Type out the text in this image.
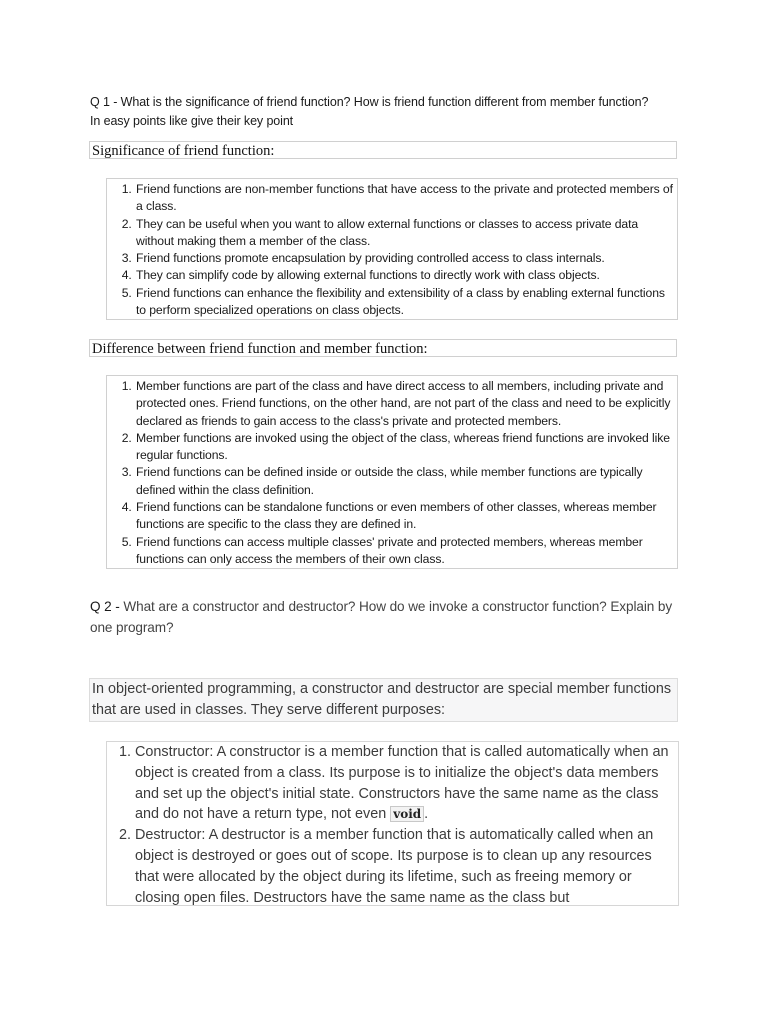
Q 1 - What is the significance of friend function? How is friend function different from member function?
In easy points like give their key point
Significance of friend function:
1. Friend functions are non-member functions that have access to the private and protected members of a class.
2. They can be useful when you want to allow external functions or classes to access private data without making them a member of the class.
3. Friend functions promote encapsulation by providing controlled access to class internals.
4. They can simplify code by allowing external functions to directly work with class objects.
5. Friend functions can enhance the flexibility and extensibility of a class by enabling external functions to perform specialized operations on class objects.
Difference between friend function and member function:
1. Member functions are part of the class and have direct access to all members, including private and protected ones. Friend functions, on the other hand, are not part of the class and need to be explicitly declared as friends to gain access to the class's private and protected members.
2. Member functions are invoked using the object of the class, whereas friend functions are invoked like regular functions.
3. Friend functions can be defined inside or outside the class, while member functions are typically defined within the class definition.
4. Friend functions can be standalone functions or even members of other classes, whereas member functions are specific to the class they are defined in.
5. Friend functions can access multiple classes' private and protected members, whereas member functions can only access the members of their own class.
Q 2 - What are a constructor and destructor? How do we invoke a constructor function? Explain by one program?
In object-oriented programming, a constructor and destructor are special member functions that are used in classes. They serve different purposes:
1. Constructor: A constructor is a member function that is called automatically when an object is created from a class. Its purpose is to initialize the object's data members and set up the object's initial state. Constructors have the same name as the class and do not have a return type, not even void .
2. Destructor: A destructor is a member function that is automatically called when an object is destroyed or goes out of scope. Its purpose is to clean up any resources that were allocated by the object during its lifetime, such as freeing memory or closing open files. Destructors have the same name as the class but
